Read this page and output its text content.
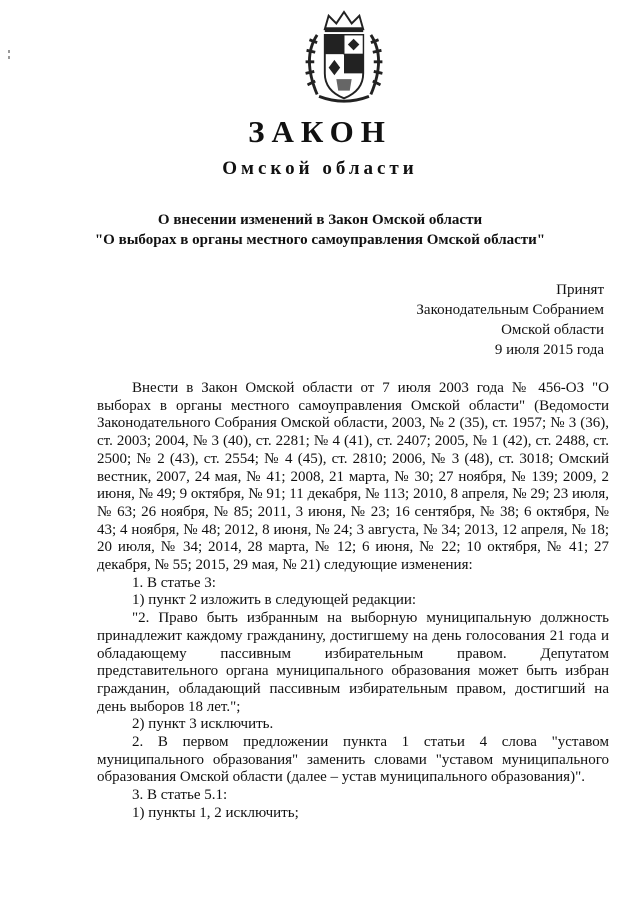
ЗАКОН
Омской области
О внесении изменений в Закон Омской области
"О выборах в органы местного самоуправления Омской области"
Принят
Законодательным Собранием
Омской области
9 июля 2015 года

Внести в Закон Омской области от 7 июля 2003 года № 456-ОЗ "О выборах в органы местного самоуправления Омской области" (Ведомости Законодательного Собрания Омской области, 2003, № 2 (35), ст. 1957; № 3 (36), ст. 2003; 2004, № 3 (40), ст. 2281; № 4 (41), ст. 2407; 2005, № 1 (42), ст. 2488, ст. 2500; № 2 (43), ст. 2554; № 4 (45), ст. 2810; 2006, № 3 (48), ст. 3018; Омский вестник, 2007, 24 мая, № 41; 2008, 21 марта, № 30; 27 ноября, № 139; 2009, 2 июня, № 49; 9 октября, № 91; 11 декабря, № 113; 2010, 8 апреля, № 29; 23 июля, № 63; 26 ноября, № 85; 2011, 3 июня, № 23; 16 сентября, № 38; 6 октября, № 43; 4 ноября, № 48; 2012, 8 июня, № 24; 3 августа, № 34; 2013, 12 апреля, № 18; 20 июля, № 34; 2014, 28 марта, № 12; 6 июня, № 22; 10 октября, № 41; 27 декабря, № 55; 2015, 29 мая, № 21) следующие изменения:

1. В статье 3:

1) пункт 2 изложить в следующей редакции:

"2. Право быть избранным на выборную муниципальную должность принадлежит каждому гражданину, достигшему на день голосования 21 года и обладающему пассивным избирательным правом. Депутатом представительного органа муниципального образования может быть избран гражданин, обладающий пассивным избирательным правом, достигший на день выборов 18 лет.";

2) пункт 3 исключить.

2. В первом предложении пункта 1 статьи 4 слова "уставом муниципального образования" заменить словами "уставом муниципального образования Омской области (далее – устав муниципального образования)".

3. В статье 5.1:

1) пункты 1, 2 исключить;
